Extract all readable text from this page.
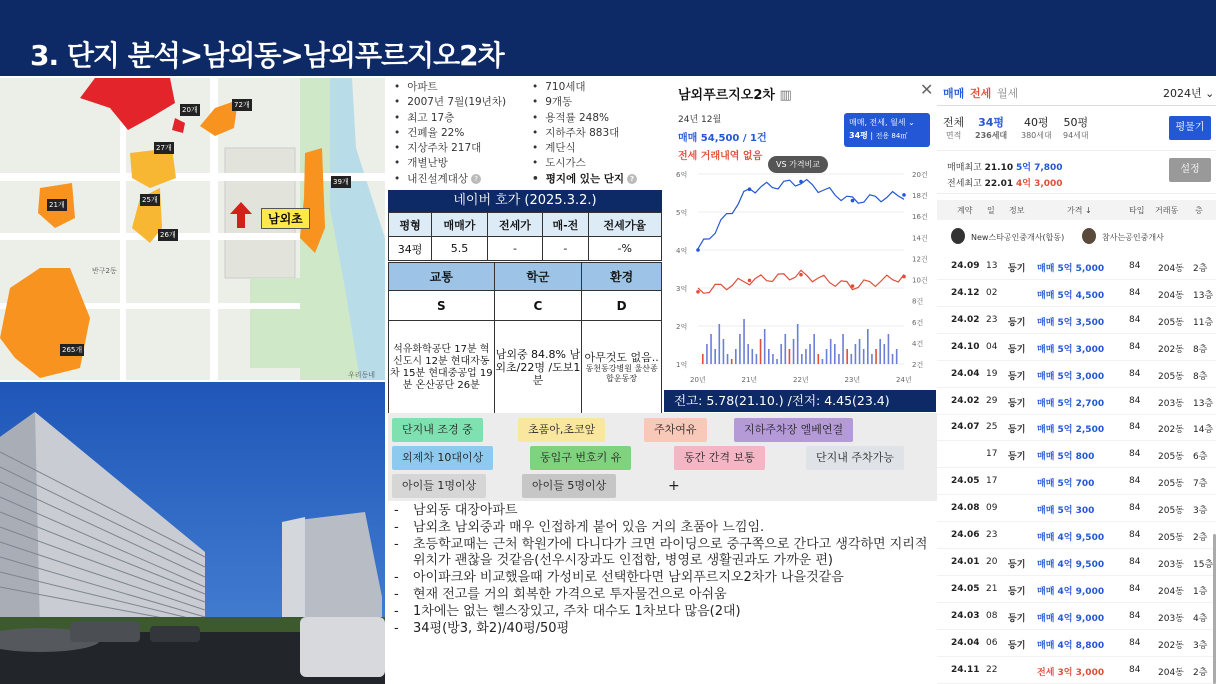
3. 단지 분석>남외동>남외푸르지오2차
20개
72개
27개
21개
25개
26개
39개
265개
남외초
반구2동
우리동네
• 아파트
• 2007년 7월(19년차)
• 최고 17층
• 건폐율 22%
• 지상주차 217대
• 개별난방
• 내진설계대상 ?
• 710세대
• 9개동
• 용적률 248%
• 지하주차 883대
• 계단식
• 도시가스
• 평지에 있는 단지 ?
네이버 호가 (2025.3.2.)
평형	매매가	전세가	매-전	전세가율
34평	5.5	-	-	-%
교통	학군	환경
S	C	D
석유화학공단 17분 혁신도시 12분 현대자동차 15분 현대중공업 19분 온산공단 26분	남외중 84.8% 남외초/22명 /도보1분	아무것도 없음..
동천동강병원 울산종합운동장
남외푸르지오2차 ▥	✕
24년 12월
매매 54,500 / 1건
전세 거래내역 없음
매매, 전세, 월세 ⌄
34평 | 전용 84㎡
VS 가격비교
6억
5억
4억
3억
2억
1억
20건
18건
16건
14건
12건
10건
8건
6건
4건
2건
20년	21년	22년	23년	24년
전고: 5.78(21.10.) /전저: 4.45(23.4)
단지내 조경 중	초품아,초코앞	주차여유	지하주차장 엘베연결
외제차 10대이상	동입구 번호키 유	동간 간격 보통	단지내 주차가능
아이들 1명이상	아이들 5명이상	+
- 남외동 대장아파트
- 남외초 남외중과 매우 인접하게 붙어 있음 거의 초품아 느낌임.
- 초등학교때는 근처 학원가에 다니다가 크면 라이딩으로 중구쪽으로 간다고 생각하면 지리적 위치가 괜찮을 것같음(선우시장과도 인접함, 병영로 생활권과도 가까운 편)
- 아이파크와 비교했을때 가성비로 선택한다면 남외푸르지오2차가 나을것같음
- 현재 전고를 거의 회복한 가격으로 투자물건으로 아쉬움
- 1차에는 없는 헬스장있고, 주차 대수도 1차보다 많음(2대)
- 34평(방3, 화2)/40평/50평
매매 전세 월세	2024년 ⌄
전체
면적
34평
236세대
40평
380세대
50평
94세대
평물기
매매최고 21.10 5억 7,800
전세최고 22.01 4억 3,000
설정
계약 일 정보	가격 ↓	타입 거래동 층
New스타공인중개사(합동)	참사는공인중개사
24.09 13 등기 매매 5억 5,000	84 204동 2층
24.12 02	매매 5억 4,500	84 204동 13층
24.02 23 등기 매매 5억 3,500	84 205동 11층
24.10 04 등기 매매 5억 3,000	84 202동 8층
24.04 19 등기 매매 5억 3,000	84 205동 8층
24.02 29 등기 매매 5억 2,700	84 203동 13층
24.07 25 등기 매매 5억 2,500	84 202동 14층
17 등기 매매 5억 800	84 205동 6층
24.05 17	매매 5억 700	84 205동 7층
24.08 09	매매 5억 300	84 205동 3층
24.06 23	매매 4억 9,500	84 205동 2층
24.01 20 등기 매매 4억 9,500	84 203동 15층
24.05 21 등기 매매 4억 9,000	84 204동 1층
24.03 08 등기 매매 4억 9,000	84 203동 4층
24.04 06 등기 매매 4억 8,800	84 202동 3층
24.11 22	전세 3억 3,000	84 204동 2층
